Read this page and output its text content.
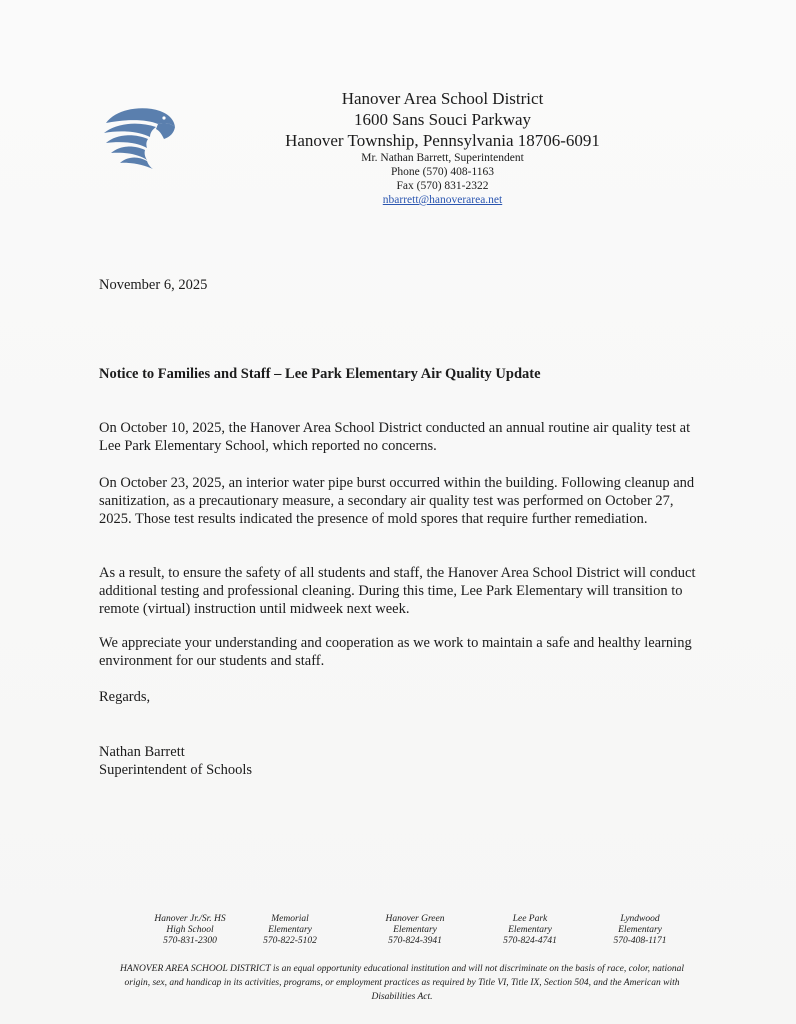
Hanover Area School District
1600 Sans Souci Parkway
Hanover Township, Pennsylvania 18706-6091
Mr. Nathan Barrett, Superintendent
Phone (570) 408-1163
Fax (570) 831-2322
nbarrett@hanoverarea.net
November 6, 2025
Notice to Families and Staff – Lee Park Elementary Air Quality Update
On October 10, 2025, the Hanover Area School District conducted an annual routine air quality test at Lee Park Elementary School, which reported no concerns.
On October 23, 2025, an interior water pipe burst occurred within the building. Following cleanup and sanitization, as a precautionary measure, a secondary air quality test was performed on October 27, 2025. Those test results indicated the presence of mold spores that require further remediation.
As a result, to ensure the safety of all students and staff, the Hanover Area School District will conduct additional testing and professional cleaning. During this time, Lee Park Elementary will transition to remote (virtual) instruction until midweek next week.
We appreciate your understanding and cooperation as we work to maintain a safe and healthy learning environment for our students and staff.
Regards,
Nathan Barrett
Superintendent of Schools
Hanover Jr./Sr. HS
High School
570-831-2300
Memorial
Elementary
570-822-5102
Hanover Green
Elementary
570-824-3941
Lee Park
Elementary
570-824-4741
Lyndwood
Elementary
570-408-1171
HANOVER AREA SCHOOL DISTRICT is an equal opportunity educational institution and will not discriminate on the basis of race, color, national origin, sex, and handicap in its activities, programs, or employment practices as required by Title VI, Title IX, Section 504, and the American with Disabilities Act.
